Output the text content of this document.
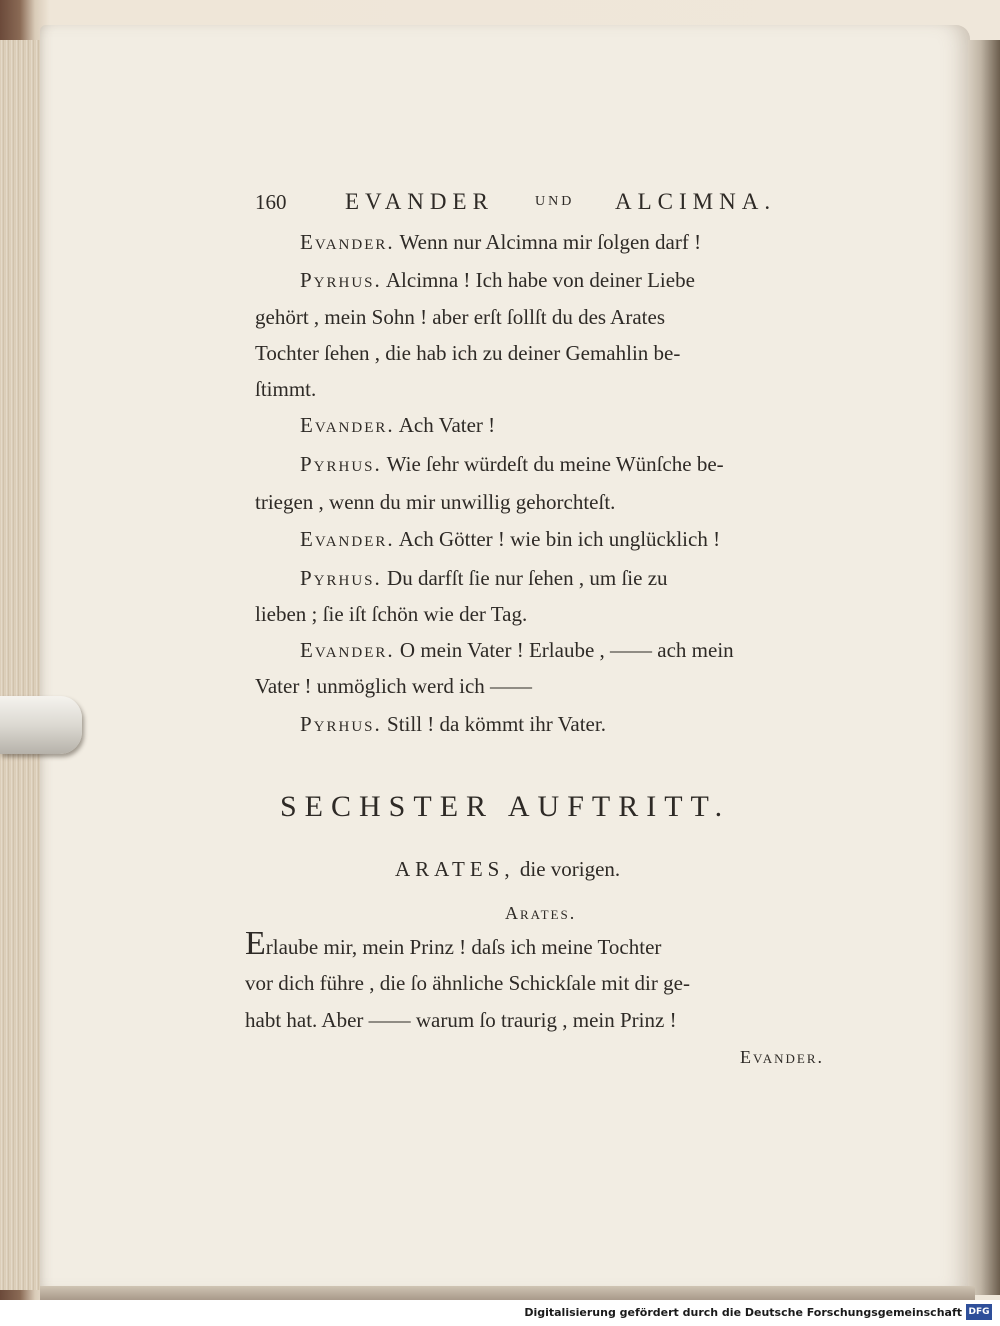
160	EVANDER	UND ALCIMNA.
Evander. Wenn nur Alcimna mir ſolgen darf !
Pyrhus. Alcimna ! Ich habe von deiner Liebe
gehört , mein Sohn ! aber erſt ſollſt du des Arates
Tochter ſehen , die hab ich zu deiner Gemahlin be-
ſtimmt.
Evander. Ach Vater !
Pyrhus. Wie ſehr würdeſt du meine Wünſche be-
triegen , wenn du mir unwillig gehorchteſt.
Evander. Ach Götter ! wie bin ich unglücklich !
Pyrhus. Du darfſt ſie nur ſehen , um ſie zu
lieben ; ſie iſt ſchön wie der Tag.
Evander. O mein Vater ! Erlaube , —— ach mein
Vater ! unmöglich werd ich ——
Pyrhus. Still ! da kömmt ihr Vater.
SECHSTER AUFTRITT.
ARATES, die vorigen.
Arates.
Erlaube mir, mein Prinz ! daſs ich meine Tochter
vor dich führe , die ſo ähnliche Schickſale mit dir ge-
habt hat. Aber —— warum ſo traurig , mein Prinz !
Evander.
Digitalisierung gefördert durch die Deutsche Forschungsgemeinschaft DFG
